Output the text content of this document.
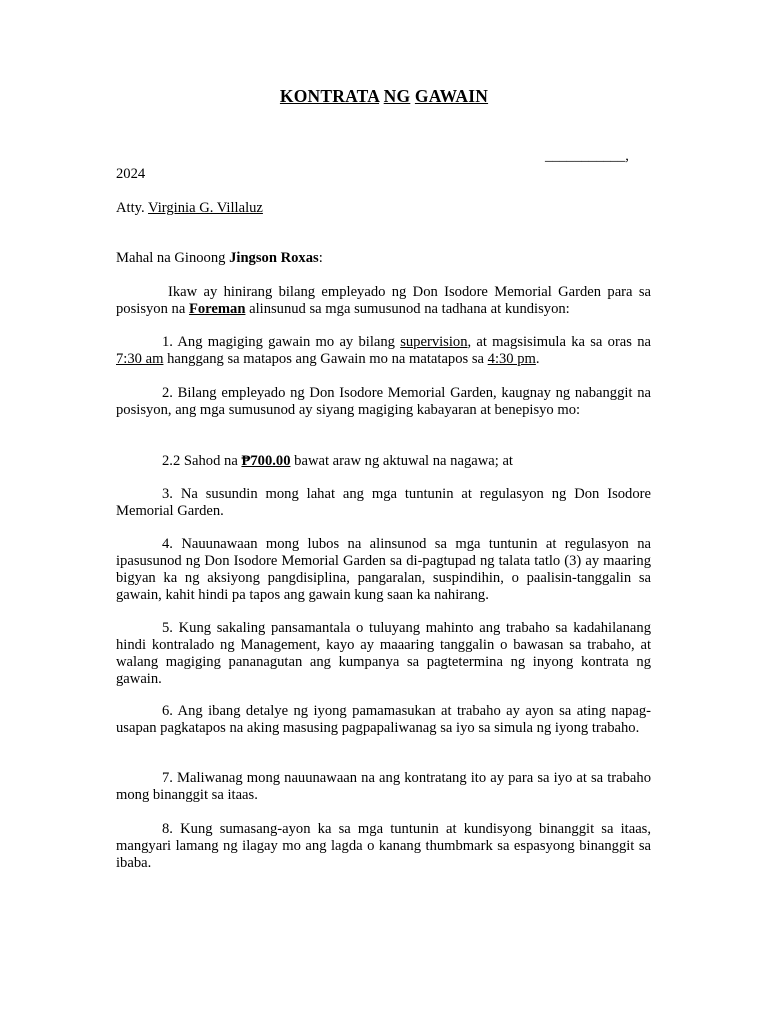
KONTRATA NG GAWAIN
___________,
2024
Atty. Virginia G. Villaluz
Mahal na Ginoong Jingson Roxas:
Ikaw ay hinirang bilang empleyado ng Don Isodore Memorial Garden para sa posisyon na Foreman alinsunud sa mga sumusunod na tadhana at kundisyon:
1. Ang magiging gawain mo ay bilang supervision, at magsisimula ka sa oras na 7:30 am hanggang sa matapos ang Gawain mo na matatapos sa 4:30 pm.
2. Bilang empleyado ng Don Isodore Memorial Garden, kaugnay ng nabanggit na posisyon, ang mga sumusunod ay siyang magiging kabayaran at benepisyo mo:
2.2 Sahod na ₱700.00 bawat araw ng aktuwal na nagawa; at
3. Na susundin mong lahat ang mga tuntunin at regulasyon ng Don Isodore Memorial Garden.
4. Nauunawaan mong lubos na alinsunod sa mga tuntunin at regulasyon na ipasusunod ng Don Isodore Memorial Garden sa di-pagtupad ng talata tatlo (3) ay maaring bigyan ka ng aksiyong pangdisiplina, pangaralan, suspindihin, o paalisin-tanggalin sa gawain, kahit hindi pa tapos ang gawain kung saan ka nahirang.
5. Kung sakaling pansamantala o tuluyang mahinto ang trabaho sa kadahilanang hindi kontralado ng Management, kayo ay maaaring tanggalin o bawasan sa trabaho, at walang magiging pananagutan ang kumpanya sa pagtetermina ng inyong kontrata ng gawain.
6. Ang ibang detalye ng iyong pamamasukan at trabaho ay ayon sa ating napag-usapan pagkatapos na aking masusing pagpapaliwanag sa iyo sa simula ng iyong trabaho.
7. Maliwanag mong nauunawaan na ang kontratang ito ay para sa iyo at sa trabaho mong binanggit sa itaas.
8. Kung sumasang-ayon ka sa mga tuntunin at kundisyong binanggit sa itaas, mangyari lamang ng ilagay mo ang lagda o kanang thumbmark sa espasyong binanggit sa ibaba.
